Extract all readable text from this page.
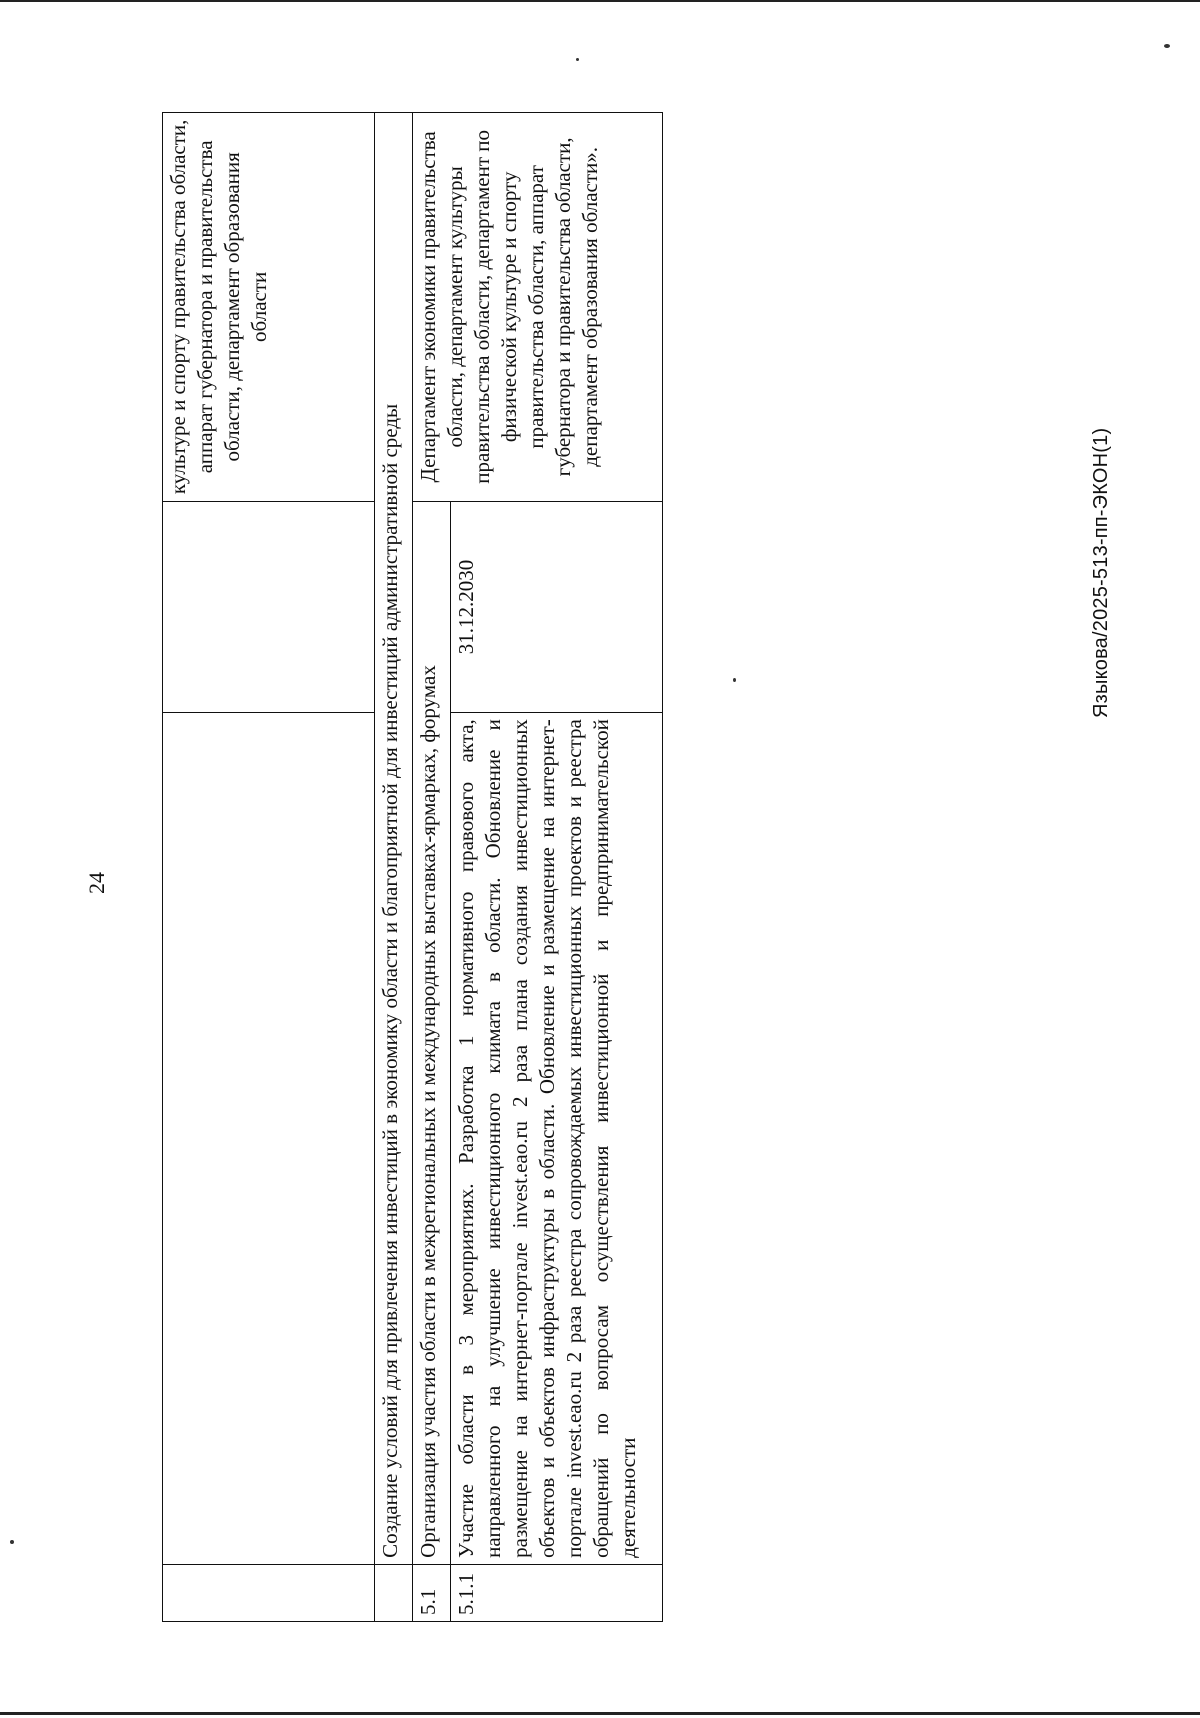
24
			культуре и спорту правительства области, аппарат губернатора и правительства области, департамент образования области
	Создание условий для привлечения инвестиций в экономику области и благоприятной для инвестиций административной среды		
5.1	Организация участия области в межрегиональных и международных выставках-ярмарках, форумах		Департамент экономики правительства области, департамент культуры правительства области, департамент по физической культуре и спорту правительства области, аппарат губернатора и правительства области, департамент образования области».
5.1.1	Участие области в 3 мероприятиях. Разработка 1 нормативного правового акта, направленного на улучшение инвестиционного климата в области. Обновление и размещение на интернет-портале invest.eao.ru 2 раза плана создания инвестиционных объектов и объектов инфраструктуры в области. Обновление и размещение на интернет-портале invest.eao.ru 2 раза реестра сопровождаемых инвестиционных проектов и реестра обращений по вопросам осуществления инвестиционной и предпринимательской деятельности	31.12.2030		Языкова/2025-513-пп-ЭКОН(1)
